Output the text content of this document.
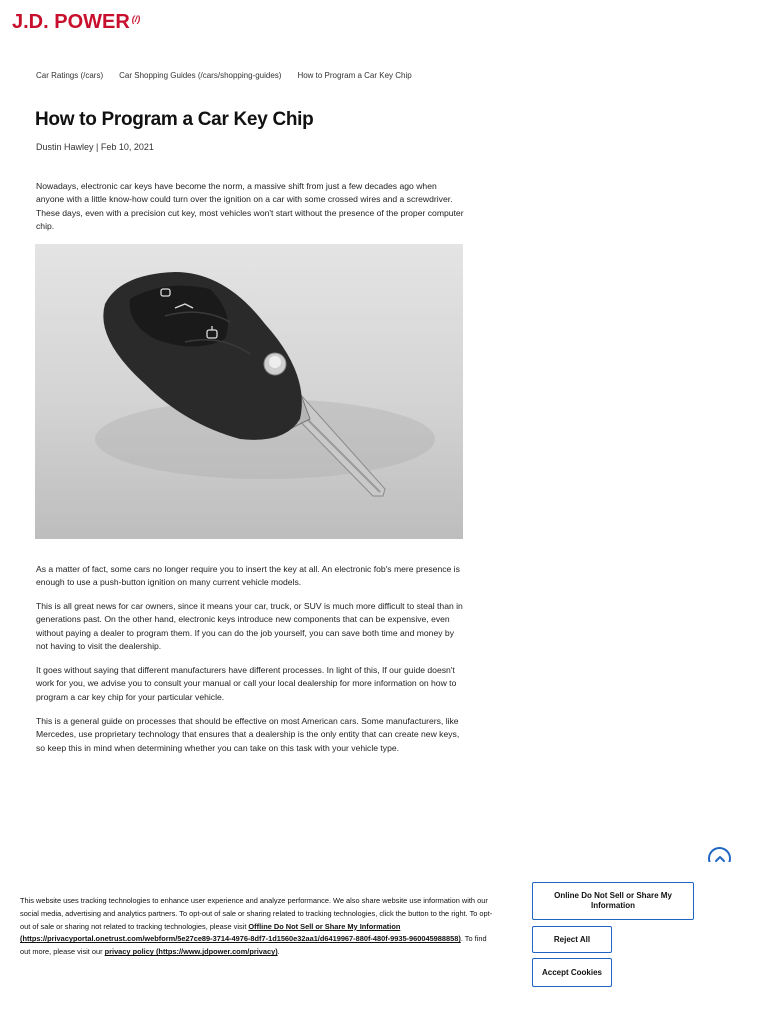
J.D. POWER (/)
Car Ratings (/cars) Car Shopping Guides (/cars/shopping-guides) How to Program a Car Key Chip
How to Program a Car Key Chip
Dustin Hawley | Feb 10, 2021

Nowadays, electronic car keys have become the norm, a massive shift from just a few decades ago when anyone with a little know-how could turn over the ignition on a car with some crossed wires and a screwdriver. These days, even with a precision cut key, most vehicles won't start without the presence of the proper computer chip.

As a matter of fact, some cars no longer require you to insert the key at all. An electronic fob's mere presence is enough to use a push-button ignition on many current vehicle models.

This is all great news for car owners, since it means your car, truck, or SUV is much more difficult to steal than in generations past. On the other hand, electronic keys introduce new components that can be expensive, even without paying a dealer to program them. If you can do the job yourself, you can save both time and money by not having to visit the dealership.

It goes without saying that different manufacturers have different processes. In light of this, If our guide doesn't work for you, we advise you to consult your manual or call your local dealership for more information on how to program a car key chip for your particular vehicle.

This is a general guide on processes that should be effective on most American cars. Some manufacturers, like Mercedes, use proprietary technology that ensures that a dealership is the only entity that can create new keys, so keep this in mind when determining whether you can take on this task with your vehicle type.

This website uses tracking technologies to enhance user experience and analyze performance. We also share website use information with our social media, advertising and analytics partners. To opt-out of sale or sharing related to tracking technologies, click the button to the right. To opt-out of sale or sharing not related to tracking technologies, please visit Offline Do Not Sell or Share My Information (https://privacyportal.onetrust.com/webform/5e27ce89-3714-4976-8df7-1d1560e32aa1/d6419967-880f-480f-9935-960045988858). To find out more, please visit our privacy policy (https://www.jdpower.com/privacy).

Online Do Not Sell or Share My Information
Reject All
Accept Cookies
